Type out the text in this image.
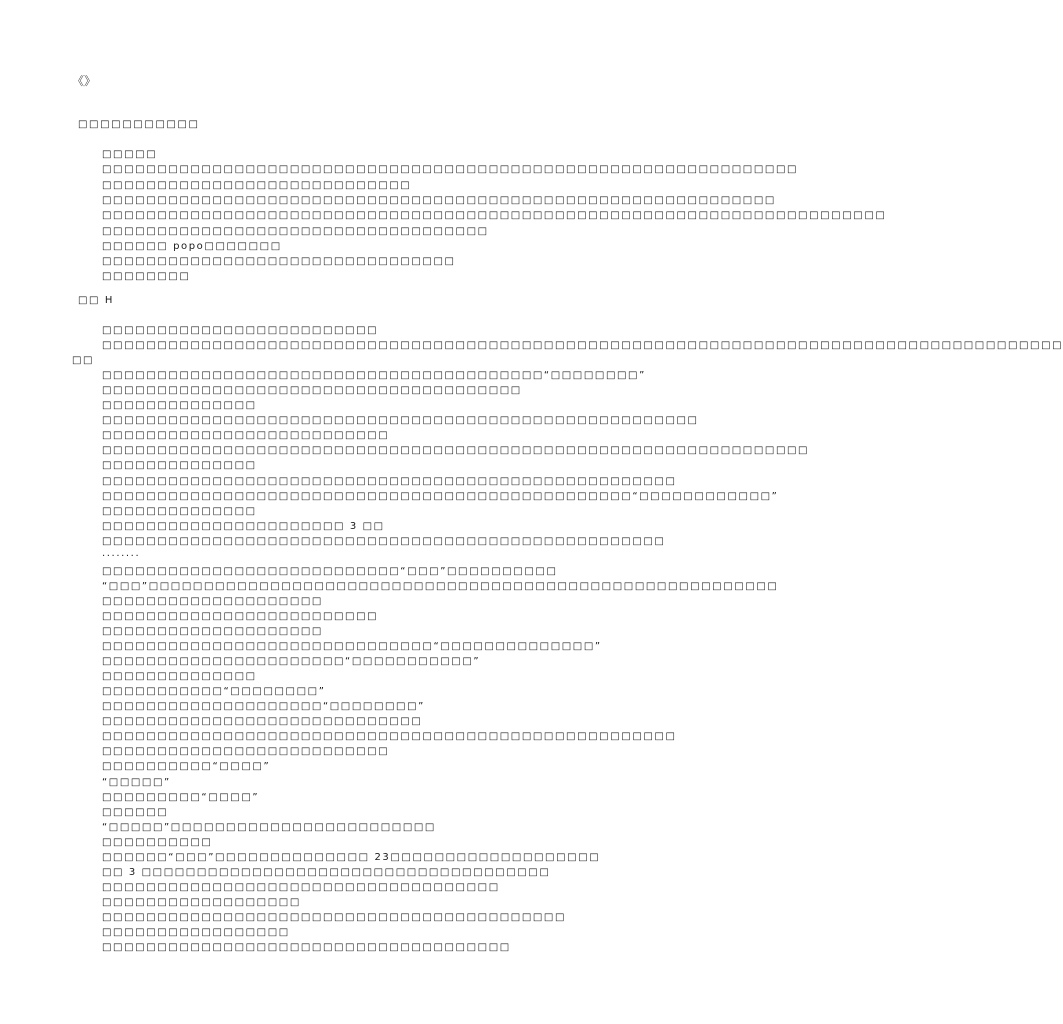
《》
□□□□□□□□□□□
□□□□□
□□□□□□□□□□□□□□□□□□□□□□□□□□□□□□□□□□□□□□□□□□□□□□□□□□□□□□□□□□□□□□□
□□□□□□□□□□□□□□□□□□□□□□□□□□□□
□□□□□□□□□□□□□□□□□□□□□□□□□□□□□□□□□□□□□□□□□□□□□□□□□□□□□□□□□□□□□
□□□□□□□□□□□□□□□□□□□□□□□□□□□□□□□□□□□□□□□□□□□□□□□□□□□□□□□□□□□□□□□□□□□□□□□
□□□□□□□□□□□□□□□□□□□□□□□□□□□□□□□□□□□
□□□□□□ popo□□□□□□□
□□□□□□□□□□□□□□□□□□□□□□□□□□□□□□□□
□□□□□□□□
□□ H
□□□□□□□□□□□□□□□□□□□□□□□□□
□□□□□□□□□□□□□□□□□□□□□□□□□□□□□□□□□□□□□□□□□□□□□□□□□□□□□□□□□□□□□□□□□□□□□□□□□□□□□□□□□□□□□□□
□□
□□□□□□□□□□□□□□□□□□□□□□□□□□□□□□□□□□□□□□□□“□□□□□□□□”
□□□□□□□□□□□□□□□□□□□□□□□□□□□□□□□□□□□□□□
□□□□□□□□□□□□□□
□□□□□□□□□□□□□□□□□□□□□□□□□□□□□□□□□□□□□□□□□□□□□□□□□□□□□□
□□□□□□□□□□□□□□□□□□□□□□□□□□
□□□□□□□□□□□□□□□□□□□□□□□□□□□□□□□□□□□□□□□□□□□□□□□□□□□□□□□□□□□□□□□□
□□□□□□□□□□□□□□
□□□□□□□□□□□□□□□□□□□□□□□□□□□□□□□□□□□□□□□□□□□□□□□□□□□□
□□□□□□□□□□□□□□□□□□□□□□□□□□□□□□□□□□□□□□□□□□□□□□□□“□□□□□□□□□□□□”
□□□□□□□□□□□□□□
□□□□□□□□□□□□□□□□□□□□□□ 3 □□
□□□□□□□□□□□□□□□□□□□□□□□□□□□□□□□□□□□□□□□□□□□□□□□□□□□
········
□□□□□□□□□□□□□□□□□□□□□□□□□□□“□□□”□□□□□□□□□□
“□□□”□□□□□□□□□□□□□□□□□□□□□□□□□□□□□□□□□□□□□□□□□□□□□□□□□□□□□□□□□
□□□□□□□□□□□□□□□□□□□□
□□□□□□□□□□□□□□□□□□□□□□□□□
□□□□□□□□□□□□□□□□□□□□
□□□□□□□□□□□□□□□□□□□□□□□□□□□□□□“□□□□□□□□□□□□□□”
□□□□□□□□□□□□□□□□□□□□□□“□□□□□□□□□□□”
□□□□□□□□□□□□□□
□□□□□□□□□□□“□□□□□□□□”
□□□□□□□□□□□□□□□□□□□□“□□□□□□□□”
□□□□□□□□□□□□□□□□□□□□□□□□□□□□□
□□□□□□□□□□□□□□□□□□□□□□□□□□□□□□□□□□□□□□□□□□□□□□□□□□□□
□□□□□□□□□□□□□□□□□□□□□□□□□□
□□□□□□□□□□“□□□□”
“□□□□□”
□□□□□□□□□“□□□□”
□□□□□□
“□□□□□”□□□□□□□□□□□□□□□□□□□□□□□□
□□□□□□□□□□
□□□□□□“□□□”□□□□□□□□□□□□□□ 23□□□□□□□□□□□□□□□□□□□
□□ 3 □□□□□□□□□□□□□□□□□□□□□□□□□□□□□□□□□□□□□
□□□□□□□□□□□□□□□□□□□□□□□□□□□□□□□□□□□□
□□□□□□□□□□□□□□□□□□
□□□□□□□□□□□□□□□□□□□□□□□□□□□□□□□□□□□□□□□□□□
□□□□□□□□□□□□□□□□□
□□□□□□□□□□□□□□□□□□□□□□□□□□□□□□□□□□□□□
